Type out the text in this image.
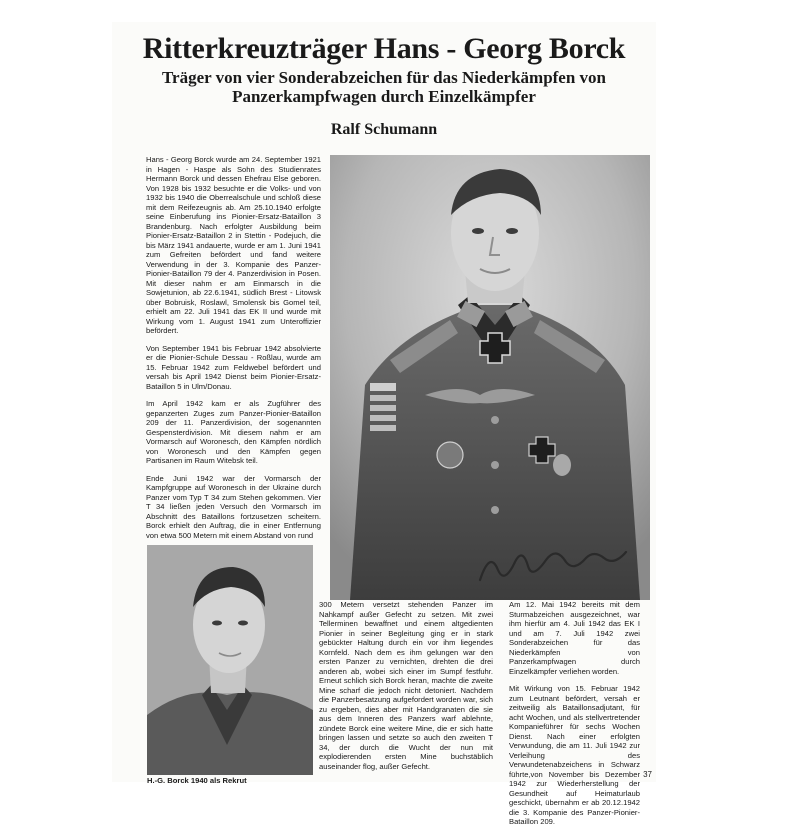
Ritterkreuzträger Hans - Georg Borck
Träger von vier Sonderabzeichen für das Niederkämpfen von
Panzerkampfwagen durch Einzelkämpfer
Ralf Schumann

Hans - Georg Borck wurde am 24. September 1921 in Hagen - Haspe als Sohn des Studienrates Hermann Borck und dessen Ehefrau Else geboren. Von 1928 bis 1932 besuchte er die Volks- und von 1932 bis 1940 die Oberrealschule und schloß diese mit dem Reifezeugnis ab. Am 25.10.1940 erfolgte seine Einberufung ins Pionier-Ersatz-Bataillon 3 Brandenburg. Nach erfolgter Ausbildung beim Pionier-Ersatz-Bataillon 2 in Stettin - Podejuch, die bis März 1941 andauerte, wurde er am 1. Juni 1941 zum Gefreiten befördert und fand weitere Verwendung in der 3. Kompanie des Panzer-Pionier-Bataillon 79 der 4. Panzerdivision in Posen. Mit dieser nahm er am Einmarsch in die Sowjetunion, ab 22.6.1941, südlich Brest - Litowsk über Bobruisk, Roslawl, Smolensk bis Gomel teil, erhielt am 22. Juli 1941 das EK II und wurde mit Wirkung vom 1. August 1941 zum Unteroffizier befördert.

Von September 1941 bis Februar 1942 absolvierte er die Pionier-Schule Dessau - Roßlau, wurde am 15. Februar 1942 zum Feldwebel befördert und versah bis April 1942 Dienst beim Pionier-Ersatz-Bataillon 5 in Ulm/Donau.

Im April 1942 kam er als Zugführer des gepanzerten Zuges zum Panzer-Pionier-Bataillon 209 der 11. Panzerdivision, der sogenannten Gespensterdivision. Mit diesem nahm er am Vormarsch auf Woronesch, den Kämpfen nördlich von Woronesch und den Kämpfen gegen Partisanen im Raum Witebsk teil.

Ende Juni 1942 war der Vormarsch der Kampfgruppe auf Woronesch in der Ukraine durch Panzer vom Typ T 34 zum Stehen gekommen. Vier T 34 ließen jeden Versuch den Vormarsch im Abschnitt des Bataillons fortzusetzen scheitern. Borck erhielt den Auftrag, die in einer Entfernung von etwa 500 Metern mit einem Abstand von rund

300 Metern versetzt stehenden Panzer im Nahkampf außer Gefecht zu setzen. Mit zwei Tellerminen bewaffnet und einem altgedienten Pionier in seiner Begleitung ging er in stark gebückter Haltung durch ein vor ihm liegendes Kornfeld. Nach dem es ihm gelungen war den ersten Panzer zu vernichten, drehten die drei anderen ab, wobei sich einer im Sumpf festfuhr. Erneut schlich sich Borck heran, machte die zweite Mine scharf die jedoch nicht detoniert. Nachdem die Panzerbesatzung aufgefordert worden war, sich zu ergeben, dies aber mit Handgranaten die sie aus dem Inneren des Panzers warf ablehnte, zündete Borck eine weitere Mine, die er sich hatte bringen lassen und setzte so auch den zweiten T 34, der durch die Wucht der nun mit explodierenden ersten Mine buchstäblich auseinander flog, außer Gefecht.

Am 12. Mai 1942 bereits mit dem Sturmabzeichen ausgezeichnet, war ihm hierfür am 4. Juli 1942 das EK I und am 7. Juli 1942 zwei Sonderabzeichen für das Niederkämpfen von Panzerkampfwagen durch Einzelkämpfer verliehen worden.

Mit Wirkung von 15. Februar 1942 zum Leutnant befördert, versah er zeitweilig als Bataillonsadjutant, für acht Wochen, und als stellvertretender Kompanieführer für sechs Wochen Dienst. Nach einer erfolgten Verwundung, die am 11. Juli 1942 zur Verleihung des Verwundetenabzeichens in Schwarz führte,von November bis Dezember 1942 zur Wiederherstellung der Gesundheit auf Heimaturlaub geschickt, übernahm er ab 20.12.1942 die 3. Kompanie des Panzer-Pionier-Bataillon 209.

H.-G. Borck 1940 als Rekrut

37
